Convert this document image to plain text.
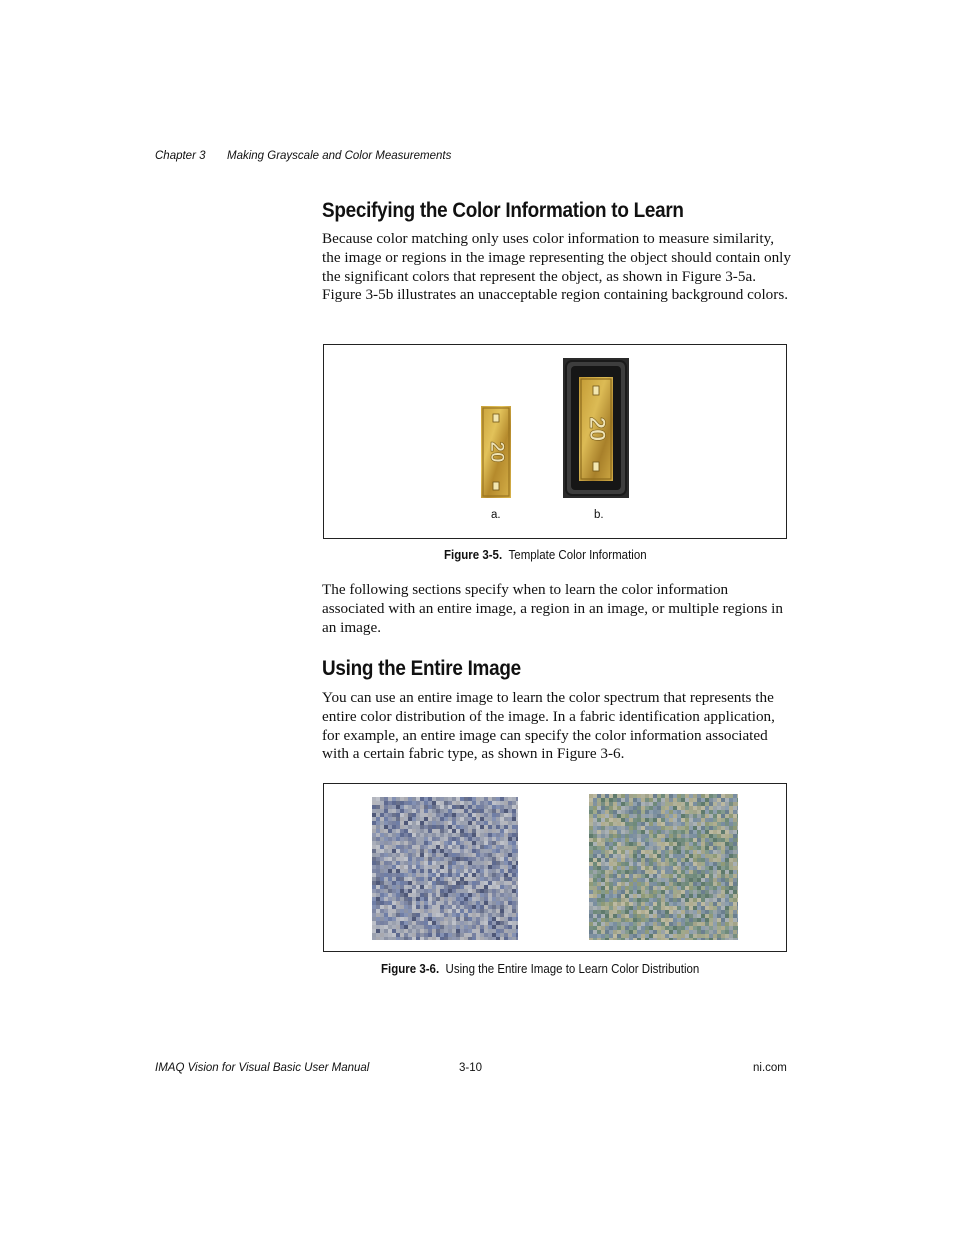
Chapter 3 Making Grayscale and Color Measurements
Specifying the Color Information to Learn

Because color matching only uses color information to measure similarity, the image or regions in the image representing the object should contain only the significant colors that represent the object, as shown in Figure 3-5a. Figure 3-5b illustrates an unacceptable region containing background colors.

20
20
a.	b.
Figure 3-5. Template Color Information

The following sections specify when to learn the color information associated with an entire image, a region in an image, or multiple regions in an image.

Using the Entire Image

You can use an entire image to learn the color spectrum that represents the entire color distribution of the image. In a fabric identification application, for example, an entire image can specify the color information associated with a certain fabric type, as shown in Figure 3-6.

Figure 3-6. Using the Entire Image to Learn Color Distribution
IMAQ Vision for Visual Basic User Manual	3-10	ni.com
